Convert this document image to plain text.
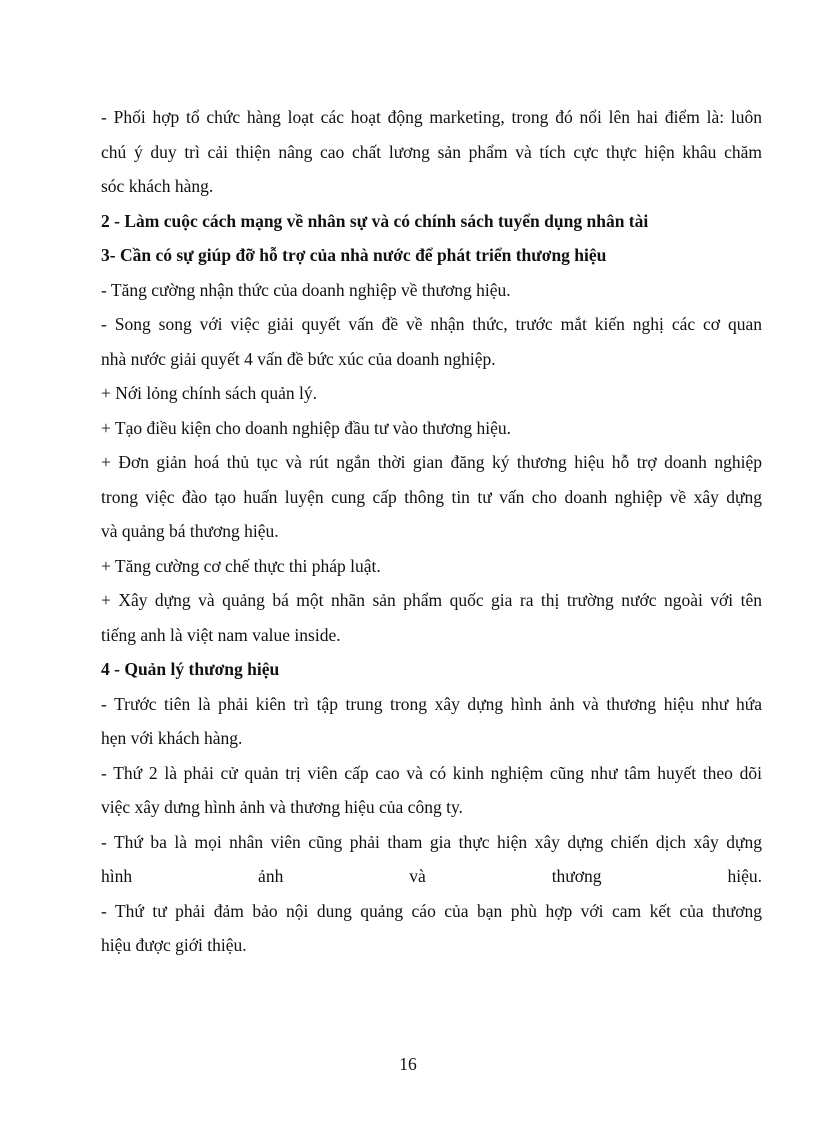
- Phối hợp tổ chức hàng loạt các hoạt động marketing, trong đó nổi lên hai điểm là: luôn
chú ý duy trì cải thiện nâng cao chất lương sản phẩm và tích cực thực hiện khâu chăm
sóc khách hàng.
2 - Làm cuộc cách mạng về nhân sự và có chính sách tuyển dụng nhân tài
3- Cần có sự giúp đỡ hỗ trợ của nhà nước để phát triển thương hiệu
- Tăng cường nhận thức của doanh nghiệp về thương hiệu.
- Song song với việc giải quyết vấn đề về nhận thức, trước mắt kiến nghị các cơ quan
nhà nước giải quyết 4 vấn đề bức xúc của doanh nghiệp.
+ Nới lỏng chính sách quản lý.
+ Tạo điều kiện cho doanh nghiệp đầu tư vào thương hiệu.
+ Đơn giản hoá thủ tục và rút ngắn thời gian đăng ký thương hiệu hỗ trợ doanh nghiệp
trong việc đào tạo huấn luyện cung cấp thông tin tư vấn cho doanh nghiệp về xây dựng
và quảng bá thương hiệu.
+ Tăng cường cơ chế thực thi pháp luật.
+ Xây dựng và quảng bá một nhãn sản phẩm quốc gia ra thị trường nước ngoài với tên
tiếng anh là việt nam value inside.
4 - Quản lý thương hiệu
- Trước tiên là phải kiên trì tập trung trong xây dựng hình ảnh và thương hiệu như hứa
hẹn với khách hàng.
- Thứ 2 là phải cử quản trị viên cấp cao và có kinh nghiệm cũng như tâm huyết theo dõi
việc xây dưng hình ảnh và thương hiệu của công ty.
- Thứ ba là mọi nhân viên cũng phải tham gia thực hiện xây dựng chiến dịch xây dựng
hình ảnh và thương hiệu.
- Thứ tư phải đảm bảo nội dung quảng cáo của bạn phù hợp với cam kết của thương
hiệu được giới thiệu.
16
